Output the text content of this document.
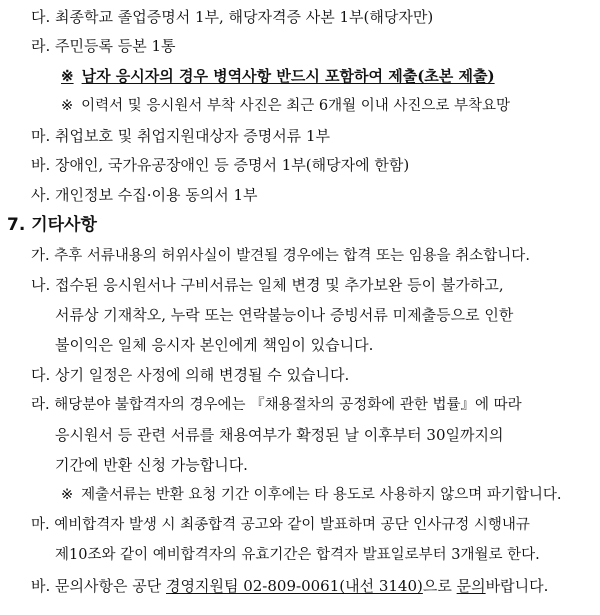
다. 최종학교 졸업증명서 1부, 해당자격증 사본 1부(해당자만)
라. 주민등록 등본 1통
※ 남자 응시자의 경우 병역사항 반드시 포함하여 제출(초본 제출)
※ 이력서 및 응시원서 부착 사진은 최근 6개월 이내 사진으로 부착요망
마. 취업보호 및 취업지원대상자 증명서류 1부
바. 장애인, 국가유공장애인 등 증명서 1부(해당자에 한함)
사. 개인정보 수집·이용 동의서 1부
7. 기타사항
가. 추후 서류내용의 허위사실이 발견될 경우에는 합격 또는 임용을 취소합니다.
나. 접수된 응시원서나 구비서류는 일체 변경 및 추가보완 등이 불가하고,
서류상 기재착오, 누락 또는 연락불능이나 증빙서류 미제출등으로 인한
불이익은 일체 응시자 본인에게 책임이 있습니다.
다. 상기 일정은 사정에 의해 변경될 수 있습니다.
라. 해당분야 불합격자의 경우에는 『채용절차의 공정화에 관한 법률』에 따라
응시원서 등 관련 서류를 채용여부가 확정된 날 이후부터 30일까지의
기간에 반환 신청 가능합니다.
※ 제출서류는 반환 요청 기간 이후에는 타 용도로 사용하지 않으며 파기합니다.
마. 예비합격자 발생 시 최종합격 공고와 같이 발표하며 공단 인사규정 시행내규
제10조와 같이 예비합격자의 유효기간은 합격자 발표일로부터 3개월로 한다.
바. 문의사항은 공단 경영지원팀 02-809-0061(내선 3140)으로 문의바랍니다.
